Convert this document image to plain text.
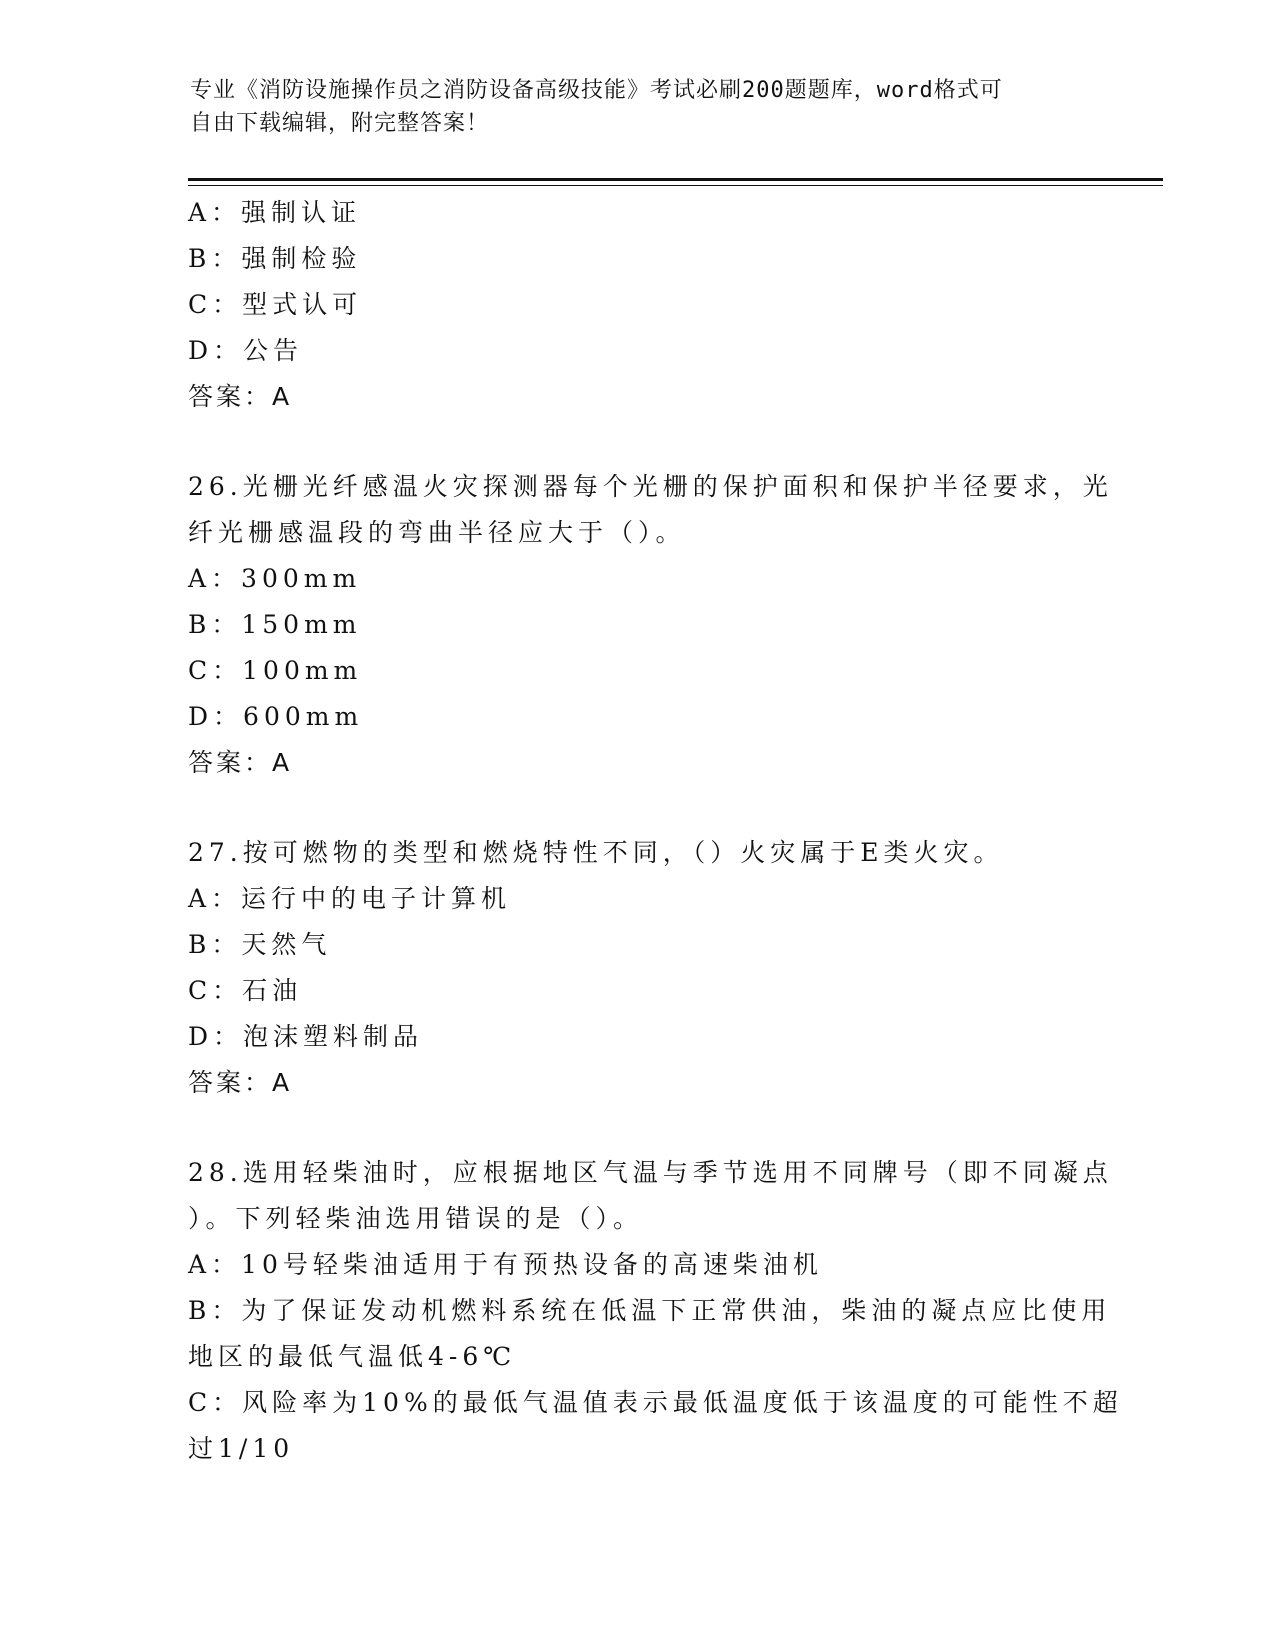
专业《消防设施操作员之消防设备高级技能》考试必刷200题题库，word格式可
自由下载编辑，附完整答案！
A：强制认证
B：强制检验
C：型式认可
D：公告
答案：A
26.光栅光纤感温火灾探测器每个光栅的保护面积和保护半径要求，光
纤光栅感温段的弯曲半径应大于（）。
A：300mm
B：150mm
C：100mm
D：600mm
答案：A
27.按可燃物的类型和燃烧特性不同，（）火灾属于E类火灾。
A：运行中的电子计算机
B：天然气
C：石油
D：泡沫塑料制品
答案：A
28.选用轻柴油时，应根据地区气温与季节选用不同牌号（即不同凝点
）。下列轻柴油选用错误的是（）。
A：10号轻柴油适用于有预热设备的高速柴油机
B：为了保证发动机燃料系统在低温下正常供油，柴油的凝点应比使用
地区的最低气温低4-6℃
C：风险率为10%的最低气温值表示最低温度低于该温度的可能性不超
过1/10
